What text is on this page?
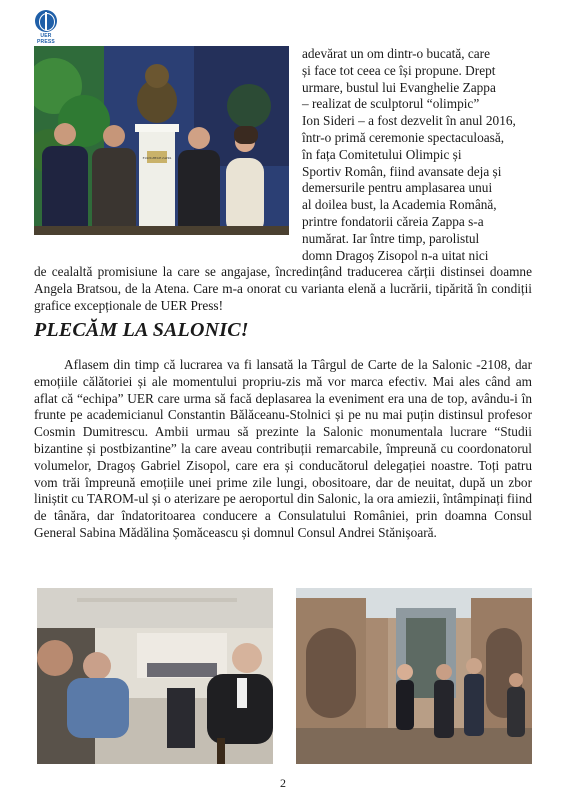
UER PRESS
EVANGHELIE ZAPPA
adevărat un om dintr-o bucată, care
și face tot ceea ce își propune. Drept
urmare, bustul lui Evanghelie Zappa
– realizat de sculptorul “olimpic”
Ion Sideri – a fost dezvelit în anul 2016,
într-o primă ceremonie spectaculoasă,
în fața Comitetului Olimpic și
Sportiv Român, fiind avansate deja și
demersurile pentru amplasarea unui
al doilea bust, la Academia Română,
printre fondatorii căreia Zappa s-a
numărat. Iar între timp, parolistul
domn Dragoș Zisopol n-a uitat nici
de cealaltă promisiune la care se angajase, încredințând traducerea cărții distinsei doamne Angela Bratsou, de la Atena. Care m-a onorat cu varianta elenă a lucrării, tipărită în condiții grafice excepționale de UER Press!
PLECĂM LA SALONIC!
Aflasem din timp că lucrarea va fi lansată la Târgul de Carte de la Salonic -2108, dar emoțiile călătoriei și ale momentului propriu-zis mă vor marca efectiv. Mai ales când am aflat că “echipa” UER care urma să facă deplasarea la eveniment era una de top, avându-i în frunte pe academicianul Constantin Bălăceanu-Stolnici și pe nu mai puțin distinsul profesor Cosmin Dumitrescu. Ambii urmau să prezinte la Salonic monumentala lucrare “Studii bizantine și postbizantine” la care aveau contribuții remarcabile, împreună cu coordonatorul volumelor, Dragoș Gabriel Zisopol, care era și conducătorul delegației noastre. Toți patru vom trăi împreună emoțiile unei prime zile lungi, obositoare, dar de neuitat, după un zbor liniștit cu TAROM-ul și o aterizare pe aeroportul din Salonic, la ora amiezii, întâmpinați fiind de tânăra, dar îndatoritoarea conducere a Consulatului României, prin doamna Consul General Sabina Mădălina Șomăceascu și domnul Consul Andrei Stănișoară.
2
